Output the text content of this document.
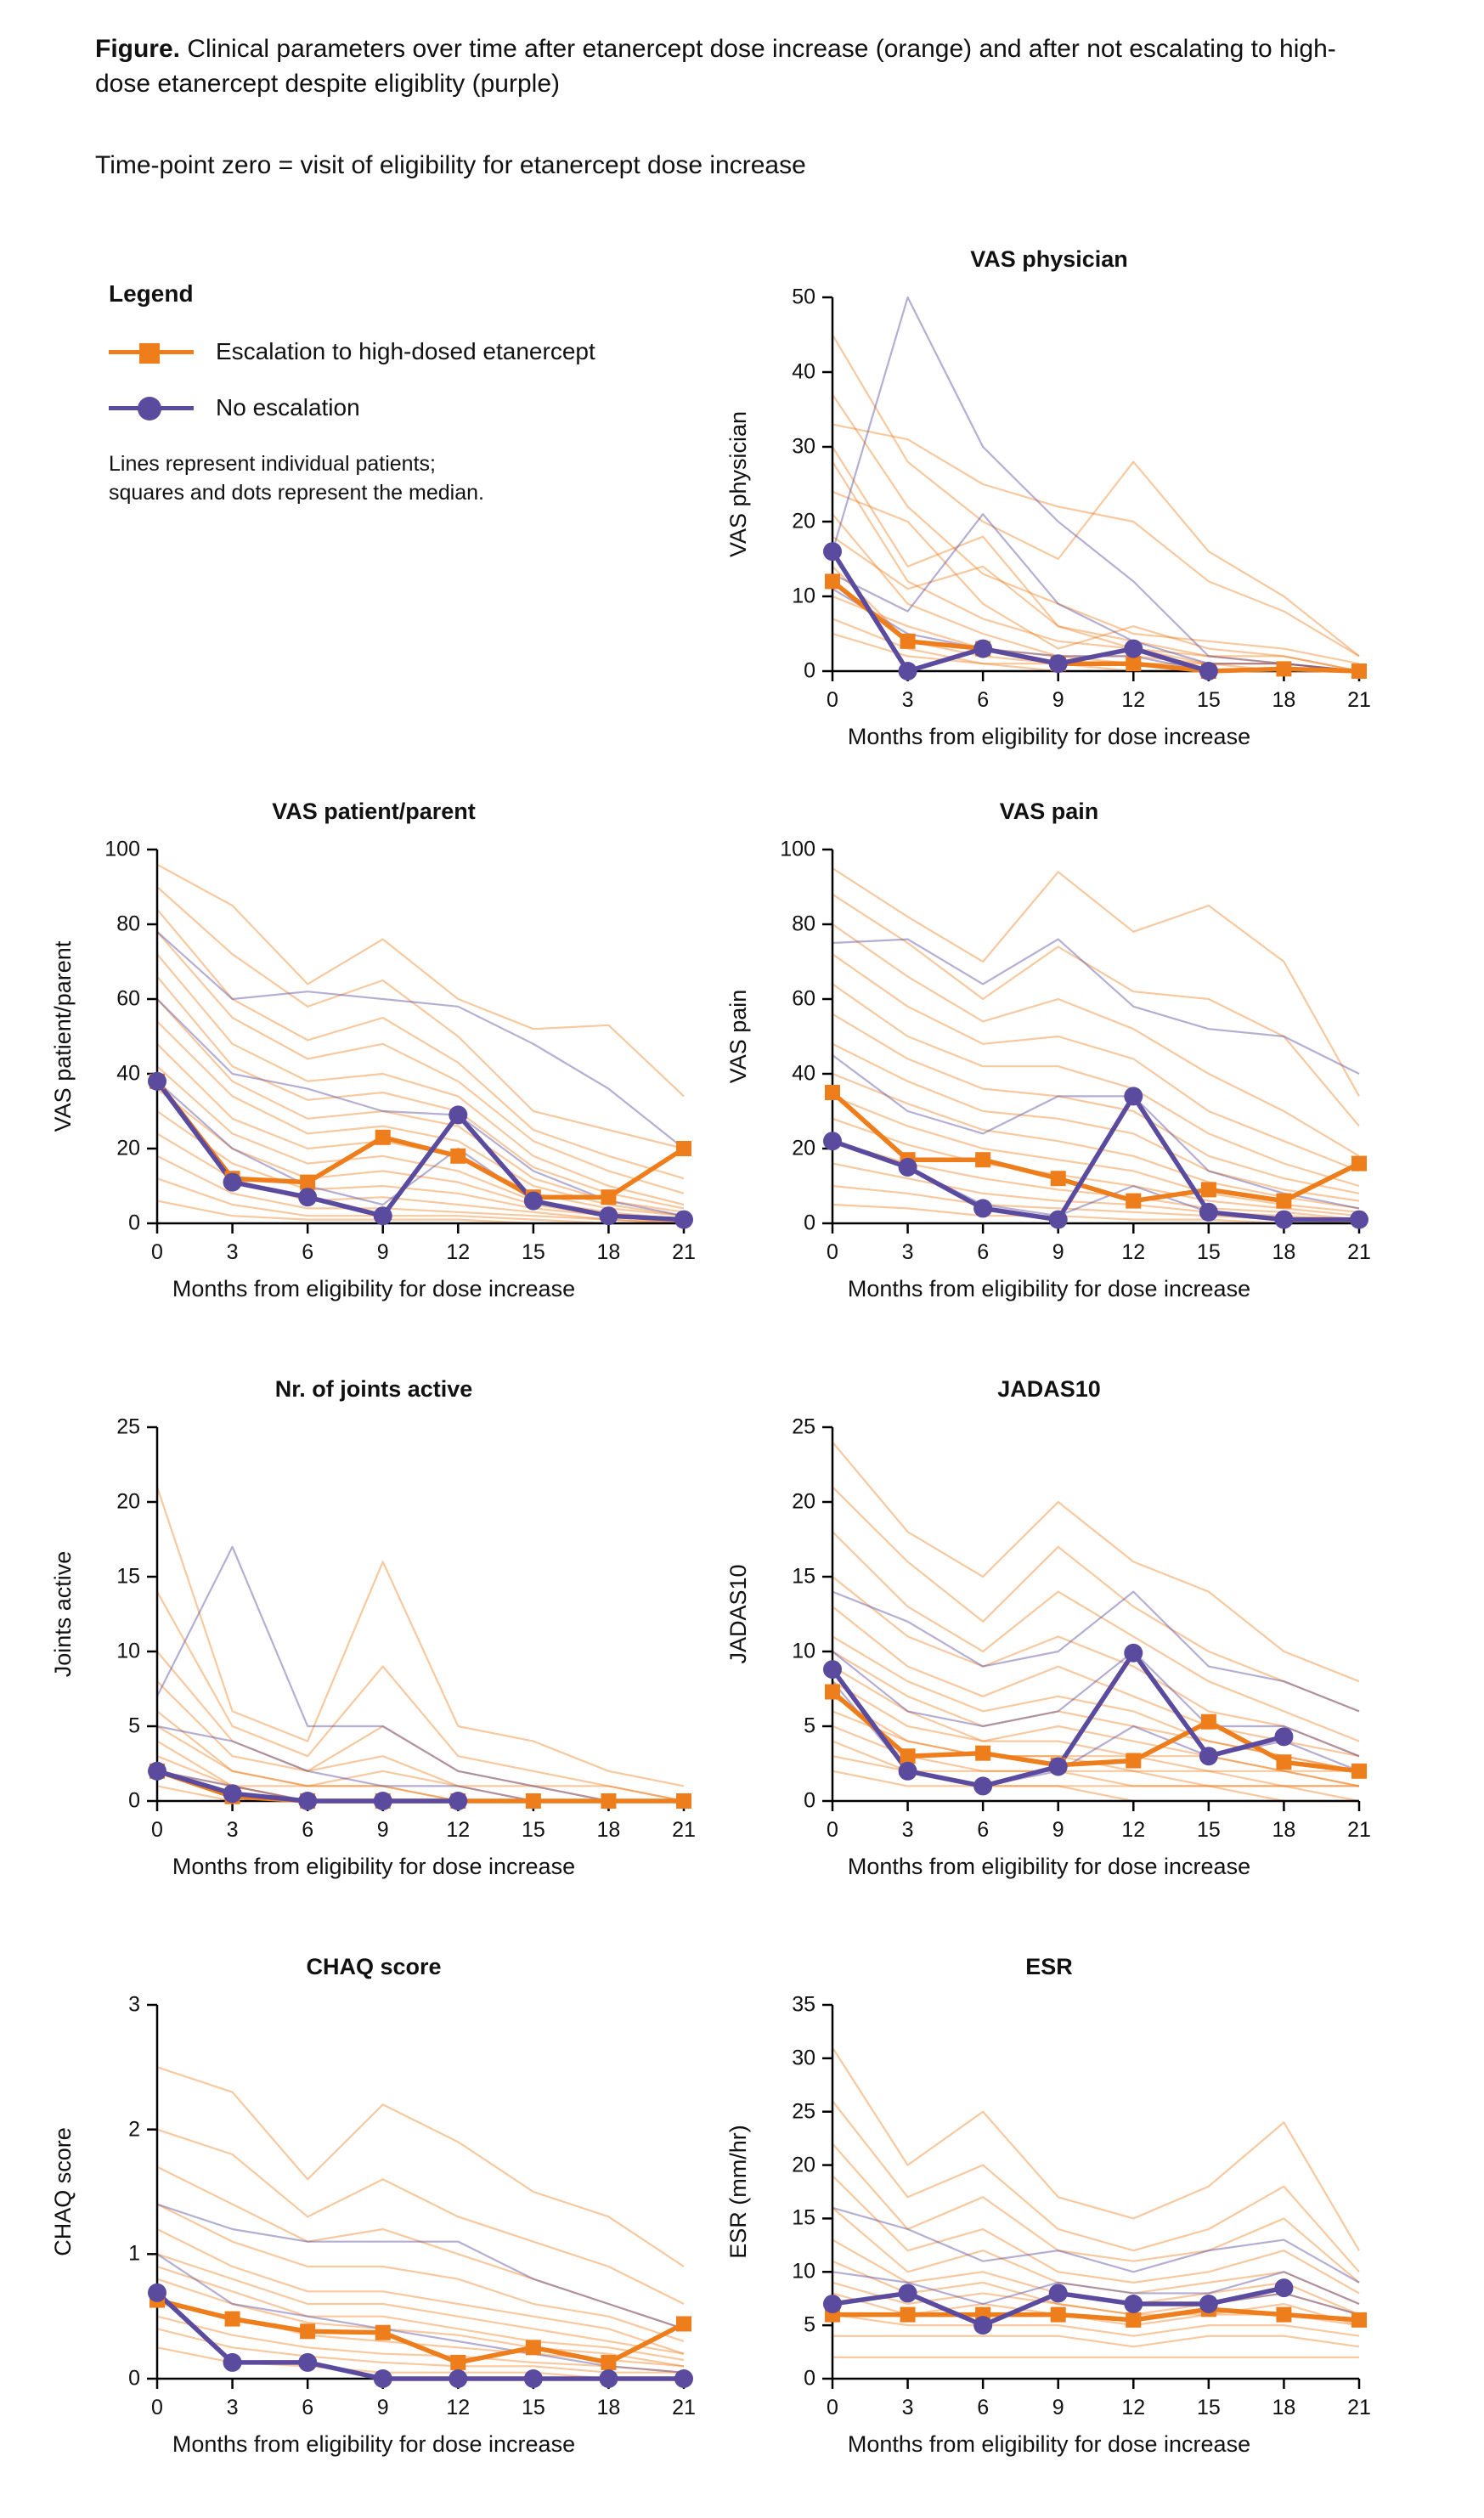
Figure. Clinical parameters over time after etanercept dose increase (orange) and after not escalating to high-dose etanercept despite eligiblity (purple)
Time-point zero = visit of eligibility for etanercept dose increase
Legend
Escalation to high-dosed etanercept
No escalation
Lines represent individual patients;
squares and dots represent the median.
VAS physician
0
10
20
30
40
50
0	3	6	9	12 15 18 21
VAS physician
Months from eligibility for dose increase
VAS patient/parent
0
20
40
60
80
100
0	3	6	9	12 15 18 21
VAS patient/parent
Months from eligibility for dose increase
VAS pain
0
20
40
60
80
100
0	3	6	9	12 15 18 21
VAS pain
Months from eligibility for dose increase
Nr. of joints active
0
5
10
15
20
25
0	3	6	9	12 15 18 21
Joints active
Months from eligibility for dose increase
JADAS10
0
5
10
15
20
25
0	3	6	9	12 15 18 21
JADAS10
Months from eligibility for dose increase
CHAQ score
0
1
2
3
0	3	6	9	12 15 18 21
CHAQ score
Months from eligibility for dose increase
ESR
0
5
10
15
20
25
30
35
0	3	6	9	12 15 18 21
ESR (mm/hr)
Months from eligibility for dose increase
